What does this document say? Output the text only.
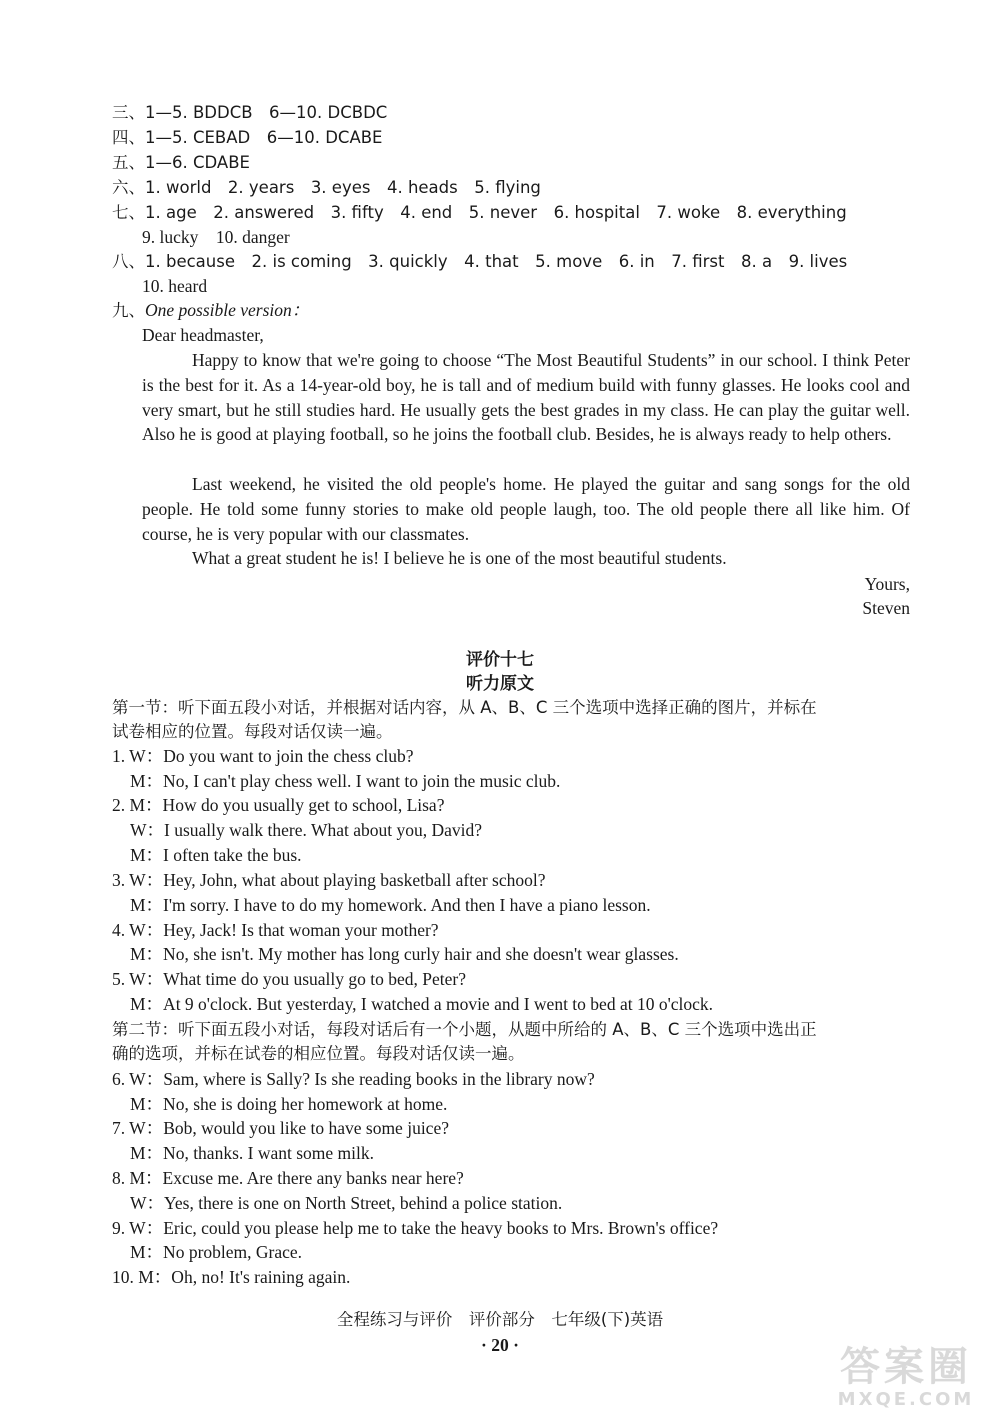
三、1—5. BDDCB　6—10. DCBDC
四、1—5. CEBAD　6—10. DCABE
五、1—6. CDABE
六、1. world　2. years　3. eyes　4. heads　5. flying
七、1. age　2. answered　3. fifty　4. end　5. never　6. hospital　7. woke　8. everything
9. lucky　10. danger
八、1. because　2. is coming　3. quickly　4. that　5. move　6. in　7. first　8. a　9. lives
10. heard
九、One possible version：
Dear headmaster,
Happy to know that we're going to choose “The Most Beautiful Students” in our school. I think Peter is the best for it. As a 14-year-old boy, he is tall and of medium build with funny glasses. He looks cool and very smart, but he still studies hard. He usually gets the best grades in my class. He can play the guitar well. Also he is good at playing football, so he joins the football club. Besides, he is always ready to help others.
Last weekend, he visited the old people's home. He played the guitar and sang songs for the old people. He told some funny stories to make old people laugh, too. The old people there all like him. Of course, he is very popular with our classmates.
What a great student he is! I believe he is one of the most beautiful students.
Yours,
Steven
评价十七
听力原文
第一节：听下面五段小对话，并根据对话内容，从 A、B、C 三个选项中选择正确的图片，并标在
试卷相应的位置。每段对话仅读一遍。
1. W：Do you want to join the chess club?
M：No, I can't play chess well. I want to join the music club.
2. M：How do you usually get to school, Lisa?
W：I usually walk there. What about you, David?
M：I often take the bus.
3. W：Hey, John, what about playing basketball after school?
M：I'm sorry. I have to do my homework. And then I have a piano lesson.
4. W：Hey, Jack! Is that woman your mother?
M：No, she isn't. My mother has long curly hair and she doesn't wear glasses.
5. W：What time do you usually go to bed, Peter?
M：At 9 o'clock. But yesterday, I watched a movie and I went to bed at 10 o'clock.
第二节：听下面五段小对话，每段对话后有一个小题，从题中所给的 A、B、C 三个选项中选出正
确的选项，并标在试卷的相应位置。每段对话仅读一遍。
6. W：Sam, where is Sally? Is she reading books in the library now?
M：No, she is doing her homework at home.
7. W：Bob, would you like to have some juice?
M：No, thanks. I want some milk.
8. M：Excuse me. Are there any banks near here?
W：Yes, there is one on North Street, behind a police station.
9. W：Eric, could you please help me to take the heavy books to Mrs. Brown's office?
M：No problem, Grace.
10. M：Oh, no! It's raining again.
全程练习与评价　评价部分　七年级(下)英语
· 20 ·	答案圈
MXQE.COM
